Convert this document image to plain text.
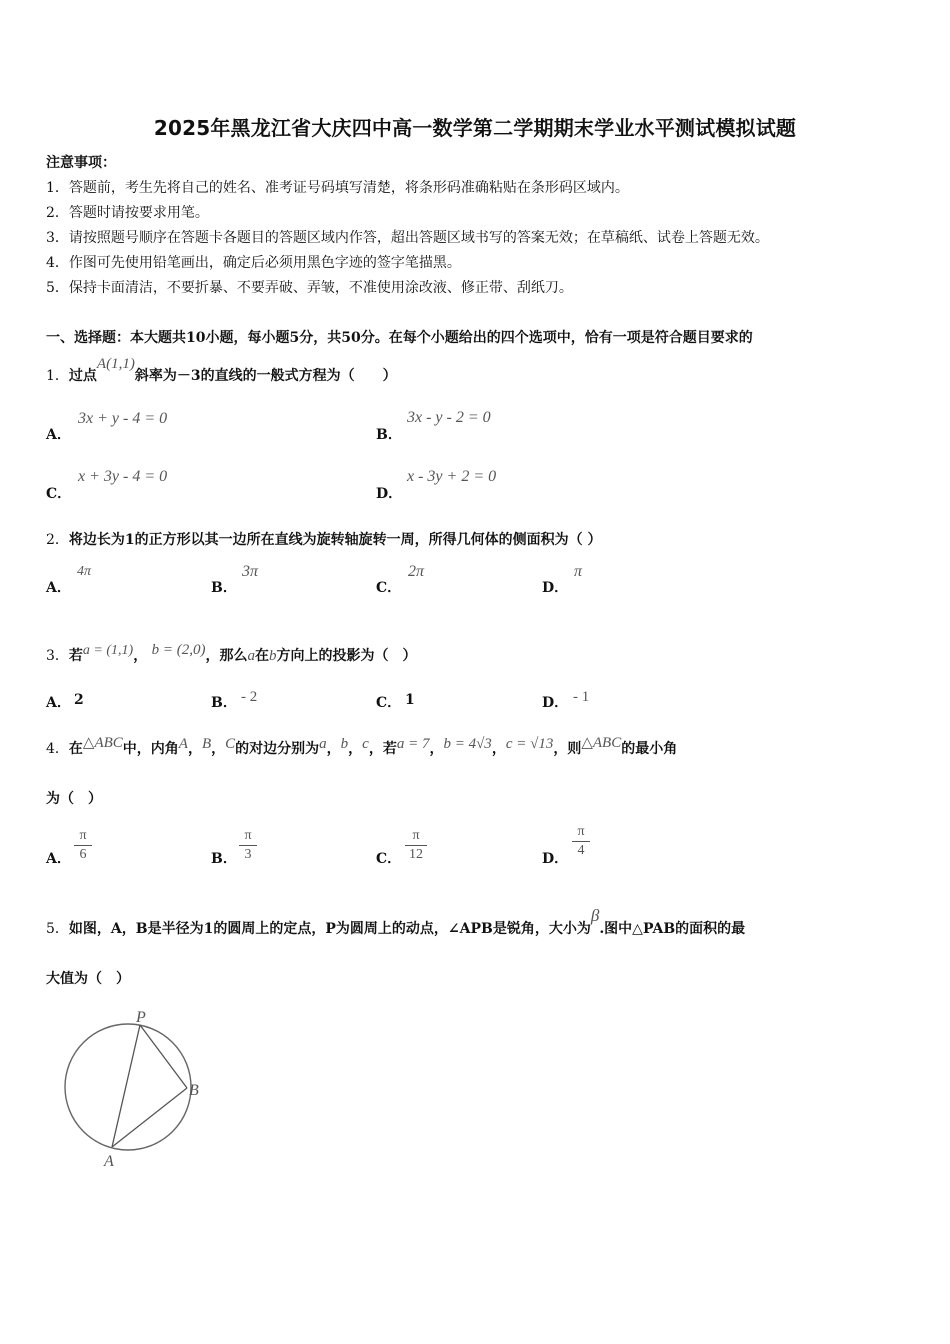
2025年黑龙江省大庆四中高一数学第二学期期末学业水平测试模拟试题
注意事项：
1．答题前，考生先将自己的姓名、准考证号码填写清楚，将条形码准确粘贴在条形码区域内。
2．答题时请按要求用笔。
3．请按照题号顺序在答题卡各题目的答题区域内作答，超出答题区域书写的答案无效；在草稿纸、试卷上答题无效。
4．作图可先使用铅笔画出，确定后必须用黑色字迹的签字笔描黑。
5．保持卡面清洁，不要折暴、不要弄破、弄皱，不准使用涂改液、修正带、刮纸刀。
一、选择题：本大题共10小题，每小题5分，共50分。在每个小题给出的四个选项中，恰有一项是符合题目要求的
1．过点A(1,1)斜率为－3的直线的一般式方程为（　　）
A．
3x + y - 4 = 0
B．
3x - y - 2 = 0
C．
x + 3y - 4 = 0
D．
x - 3y + 2 = 0
2．将边长为1的正方形以其一边所在直线为旋转轴旋转一周，所得几何体的侧面积为（ ）
A．
4π
B．
3π
C．
2π
D．
π
3．若a = (1,1)， b = (2,0)，那么a在b方向上的投影为（　）
A． 2	B． - 2	C． 1	D． - 1
4．在△ABC中，内角A，B，C的对边分别为a，b，c，若a = 7，b = 4√3，c = √13，则△ABC的最小角
为（　）
A．
π
6	B．
π
3	C．
π
12	D．
π
4
5．如图，A，B是半径为1的圆周上的定点，P为圆周上的动点，∠APB是锐角，大小为β.图中△PAB的面积的最
大值为（　）
P
B
A
